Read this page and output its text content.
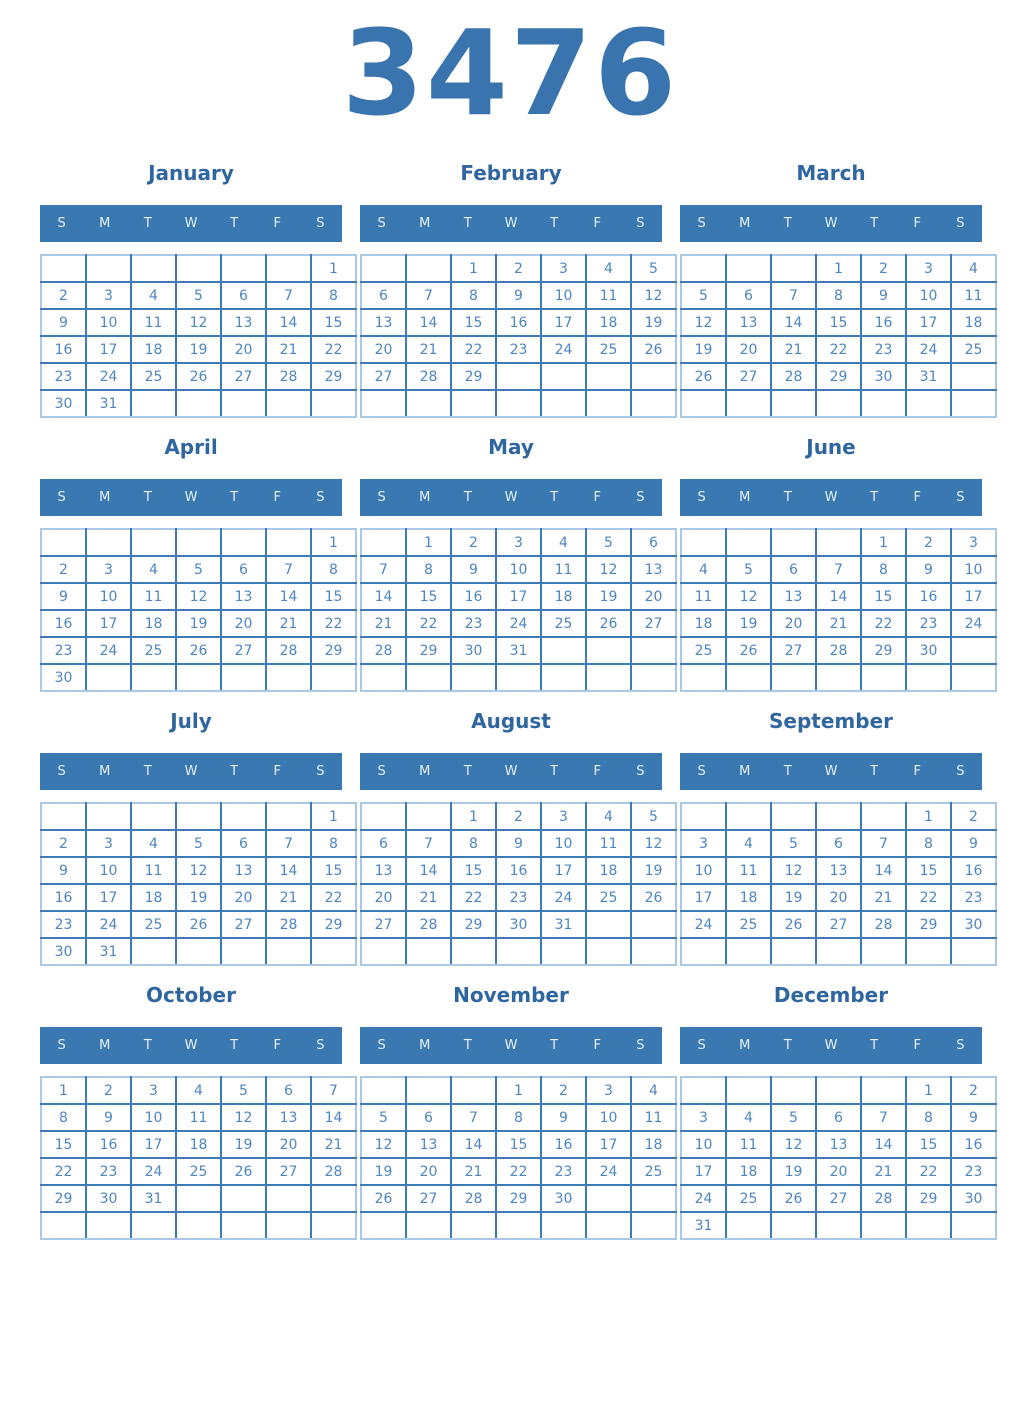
3476
January
S	M	T	W	T	F	S
						1
2	3	4	5	6	7	8
9	10	11	12	13	14	15
16	17	18	19	20	21	22
23	24	25	26	27	28	29
30	31					
February
S	M	T	W	T	F	S
		1	2	3	4	5
6	7	8	9	10	11	12
13	14	15	16	17	18	19
20	21	22	23	24	25	26
27	28	29				

March
S	M	T	W	T	F	S
			1	2	3	4
5	6	7	8	9	10	11
12	13	14	15	16	17	18
19	20	21	22	23	24	25
26	27	28	29	30	31	

April
S	M	T	W	T	F	S
						1
2	3	4	5	6	7	8
9	10	11	12	13	14	15
16	17	18	19	20	21	22
23	24	25	26	27	28	29
30						
May
S	M	T	W	T	F	S
	1	2	3	4	5	6
7	8	9	10	11	12	13
14	15	16	17	18	19	20
21	22	23	24	25	26	27
28	29	30	31			

June
S	M	T	W	T	F	S
				1	2	3
4	5	6	7	8	9	10
11	12	13	14	15	16	17
18	19	20	21	22	23	24
25	26	27	28	29	30	

July
S	M	T	W	T	F	S
						1
2	3	4	5	6	7	8
9	10	11	12	13	14	15
16	17	18	19	20	21	22
23	24	25	26	27	28	29
30	31					
August
S	M	T	W	T	F	S
		1	2	3	4	5
6	7	8	9	10	11	12
13	14	15	16	17	18	19
20	21	22	23	24	25	26
27	28	29	30	31		

September
S	M	T	W	T	F	S
					1	2
3	4	5	6	7	8	9
10	11	12	13	14	15	16
17	18	19	20	21	22	23
24	25	26	27	28	29	30

October
S	M	T	W	T	F	S
1	2	3	4	5	6	7
8	9	10	11	12	13	14
15	16	17	18	19	20	21
22	23	24	25	26	27	28
29	30	31				

November
S	M	T	W	T	F	S
			1	2	3	4
5	6	7	8	9	10	11
12	13	14	15	16	17	18
19	20	21	22	23	24	25
26	27	28	29	30		

December
S	M	T	W	T	F	S
					1	2
3	4	5	6	7	8	9
10	11	12	13	14	15	16
17	18	19	20	21	22	23
24	25	26	27	28	29	30
31						
